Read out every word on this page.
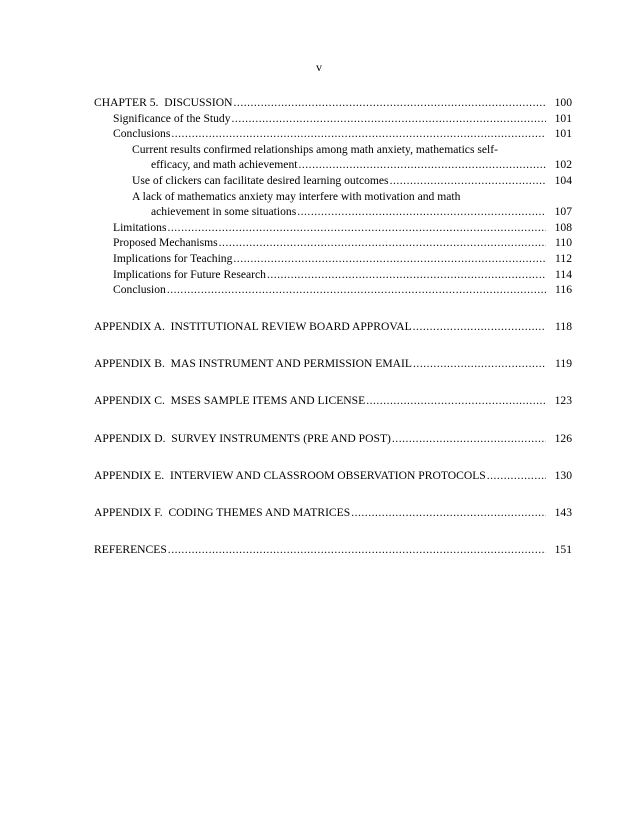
v
CHAPTER 5.  DISCUSSION .....	100
Significance of the Study .....	101
Conclusions .....	101
Current results confirmed relationships among math anxiety, mathematics self-
efficacy, and math achievement .....	102
Use of clickers can facilitate desired learning outcomes .....	104
A lack of mathematics anxiety may interfere with motivation and math
achievement in some situations .....	107
Limitations .....	108
Proposed Mechanisms .....	110
Implications for Teaching .....	112
Implications for Future Research .....	114
Conclusion .....	116
APPENDIX A.  INSTITUTIONAL REVIEW BOARD APPROVAL .....	118
APPENDIX B.  MAS INSTRUMENT AND PERMISSION EMAIL .....	119
APPENDIX C.  MSES SAMPLE ITEMS AND LICENSE .....	123
APPENDIX D.  SURVEY INSTRUMENTS (PRE AND POST) .....	126
APPENDIX E.  INTERVIEW AND CLASSROOM OBSERVATION PROTOCOLS .....	130
APPENDIX F.  CODING THEMES AND MATRICES .....	143
REFERENCES .....	151
